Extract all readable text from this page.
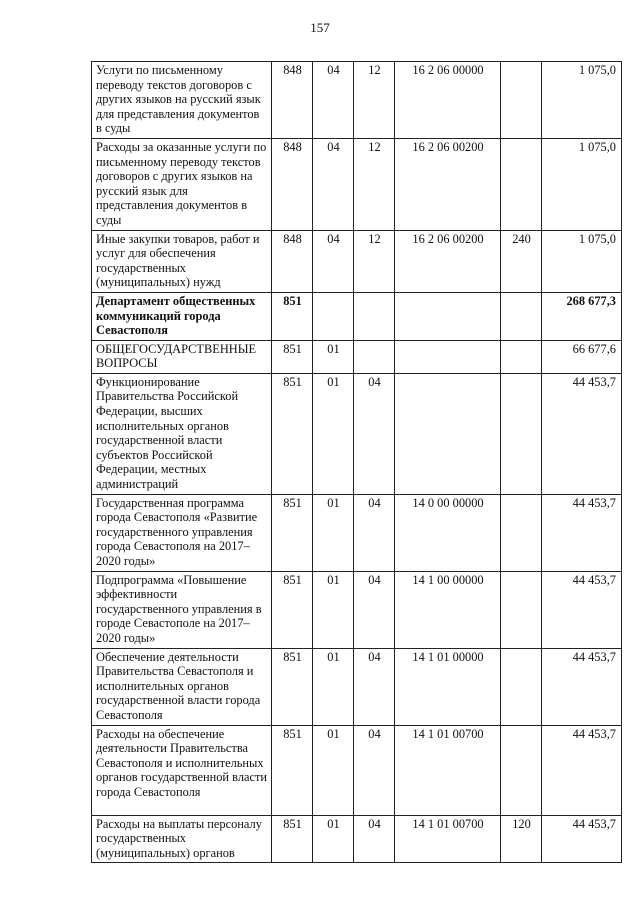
157
Услуги по письменному переводу текстов договоров с других языков на русский язык для представления документов в суды	848	04	12	16 2 06 00000		1 075,0
Расходы за оказанные услуги по письменному переводу текстов договоров с других языков на русский язык для представления документов в суды	848	04	12	16 2 06 00200		1 075,0
Иные закупки товаров, работ и услуг для обеспечения государственных (муниципальных) нужд	848	04	12	16 2 06 00200	240	1 075,0
Департамент общественных коммуникаций города Севастополя	851					268 677,3
ОБЩЕГОСУДАРСТВЕННЫЕ ВОПРОСЫ	851	01				66 677,6
Функционирование Правительства Российской Федерации, высших исполнительных органов государственной власти субъектов Российской Федерации, местных администраций	851	01	04			44 453,7
Государственная программа города Севастополя «Развитие государственного управления города Севастополя на 2017–2020 годы»	851	01	04	14 0 00 00000		44 453,7
Подпрограмма «Повышение эффективности государственного управления в городе Севастополе на 2017–2020 годы»	851	01	04	14 1 00 00000		44 453,7
Обеспечение деятельности Правительства Севастополя и исполнительных органов государственной власти города Севастополя	851	01	04	14 1 01 00000		44 453,7
Расходы на обеспечение деятельности Правительства Севастополя и исполнительных органов государственной власти города Севастополя	851	01	04	14 1 01 00700		44 453,7
Расходы на выплаты персоналу государственных (муниципальных) органов	851	01	04	14 1 01 00700	120	44 453,7
